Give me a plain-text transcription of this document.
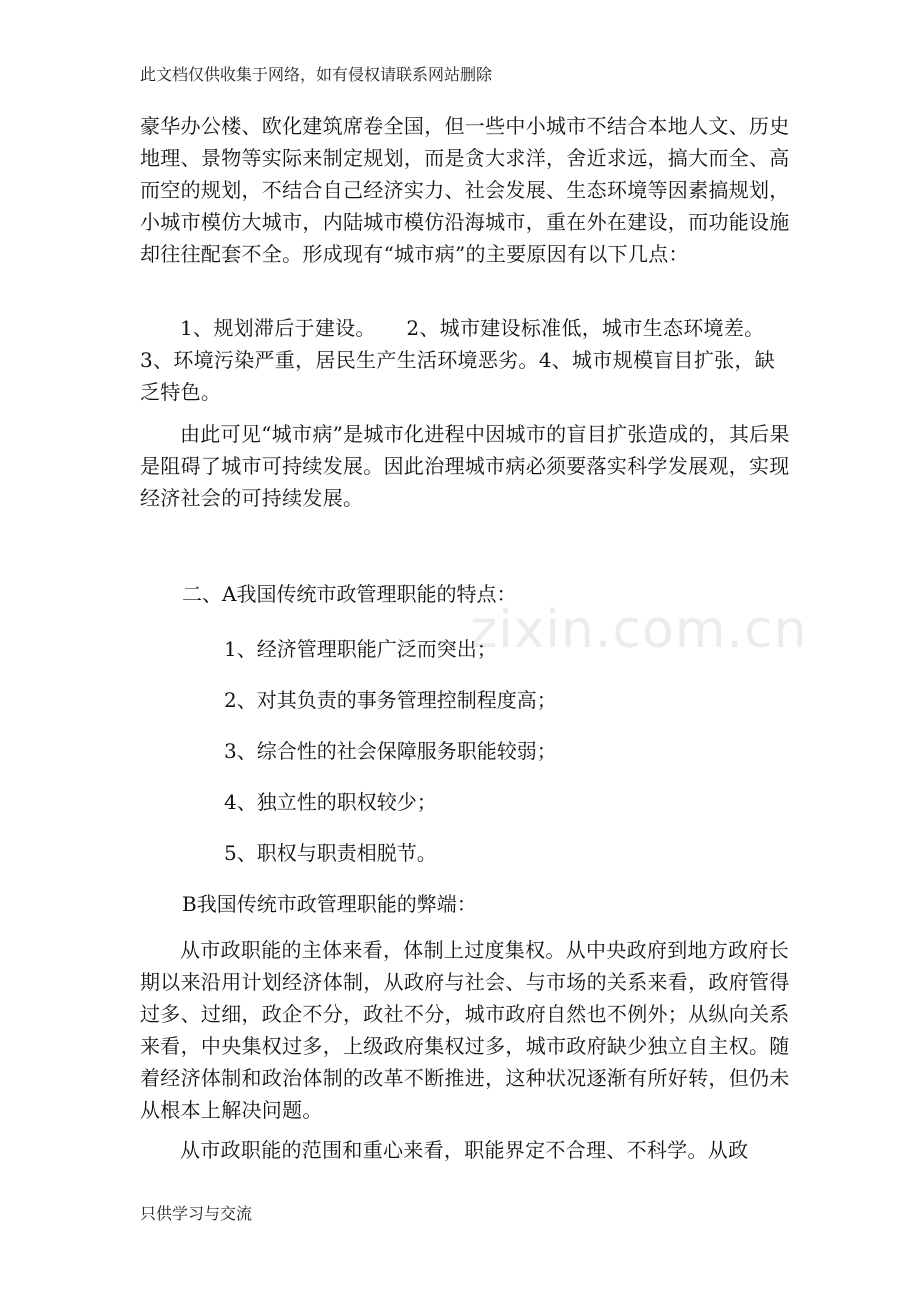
此文档仅供收集于网络，如有侵权请联系网站删除
zixin.com.cn

豪华办公楼、欧化建筑席卷全国，但一些中小城市不结合本地人文、历史地理、景物等实际来制定规划，而是贪大求洋，舍近求远，搞大而全、高而空的规划，不结合自己经济实力、社会发展、生态环境等因素搞规划，小城市模仿大城市，内陆城市模仿沿海城市，重在外在建设，而功能设施却往往配套不全。形成现有“城市病”的主要原因有以下几点：

1、规划滞后于建设。　　2、城市建设标准低，城市生态环境差。3、环境污染严重，居民生产生活环境恶劣。4、城市规模盲目扩张，缺乏特色。

由此可见“城市病”是城市化进程中因城市的盲目扩张造成的，其后果是阻碍了城市可持续发展。因此治理城市病必须要落实科学发展观，实现经济社会的可持续发展。

二、A我国传统市政管理职能的特点：
1、经济管理职能广泛而突出；
2、对其负责的事务管理控制程度高；
3、综合性的社会保障服务职能较弱；
4、独立性的职权较少；
5、职权与职责相脱节。
B我国传统市政管理职能的弊端：

从市政职能的主体来看，体制上过度集权。从中央政府到地方政府长期以来沿用计划经济体制，从政府与社会、与市场的关系来看，政府管得过多、过细，政企不分，政社不分，城市政府自然也不例外；从纵向关系来看，中央集权过多，上级政府集权过多，城市政府缺少独立自主权。随着经济体制和政治体制的改革不断推进，这种状况逐渐有所好转，但仍未从根本上解决问题。

从市政职能的范围和重心来看，职能界定不合理、不科学。从政

只供学习与交流
